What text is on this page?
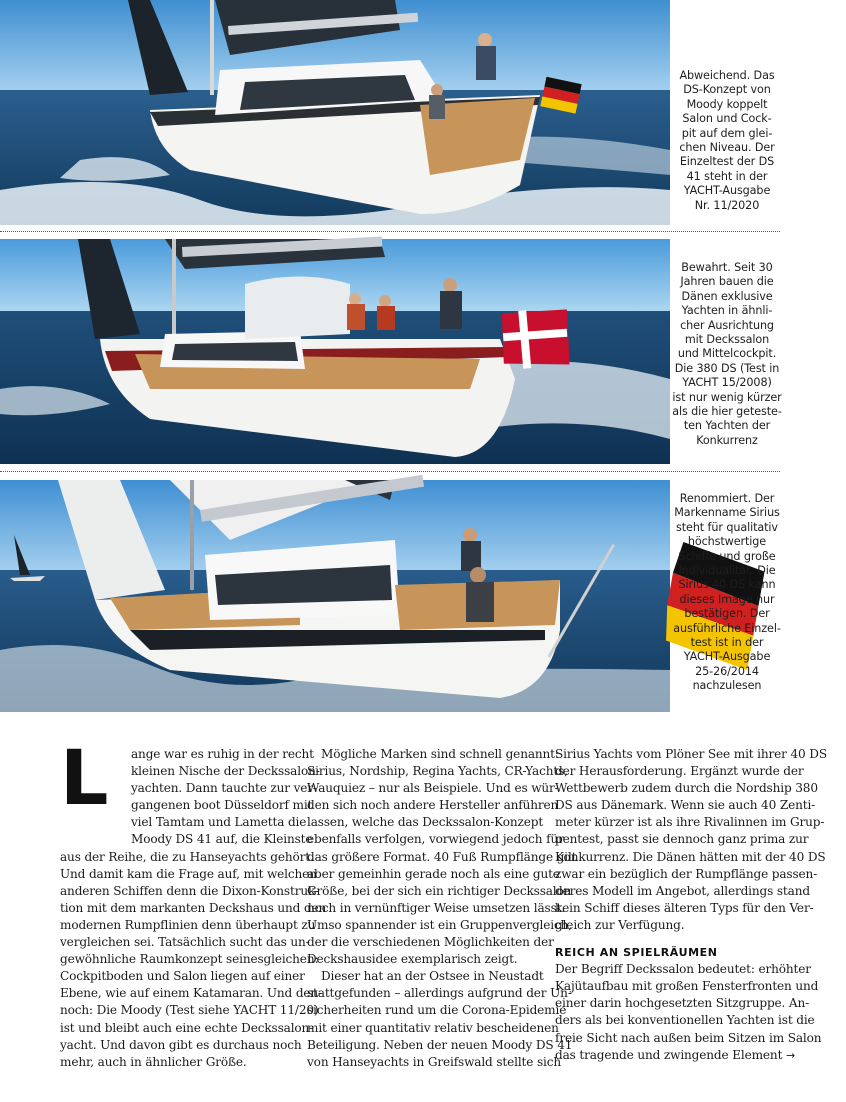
Abweichend. Das
DS-Konzept von
Moody koppelt
Salon und Cock-
pit auf dem glei-
chen Niveau. Der
Einzeltest der DS
41 steht in der
YACHT-Ausgabe
Nr. 11/2020
Bewahrt. Seit 30
Jahren bauen die
Dänen exklusive
Yachten in ähnli-
cher Ausrichtung
mit Deckssalon
und Mittelcockpit.
Die 380 DS (Test in
YACHT 15/2008)
ist nur wenig kürzer
als die hier geteste-
ten Yachten der
Konkurrenz
Renommiert. Der
Markenname Sirius
steht für qualitativ
höchstwertige
Schiffe und große
Individualität. Die
Sirius 40 DS kann
dieses Image nur
bestätigen. Der
ausführliche Einzel-
test ist in der
YACHT-Ausgabe
25-26/2014
nachzulesen
L	ange war es ruhig in der recht
kleinen Nische der Deckssalon-
yachten. Dann tauchte zur ver-
gangenen boot Düsseldorf mit
viel Tamtam und Lametta die
Moody DS 41 auf, die Kleinste
aus der Reihe, die zu Hanseyachts gehört.
Und damit kam die Frage auf, mit welchen
anderen Schiffen denn die Dixon-Konstruk-
tion mit dem markanten Deckshaus und den
modernen Rumpflinien denn überhaupt zu
vergleichen sei. Tatsächlich sucht das un-
gewöhnliche Raumkonzept seinesgleichen:
Cockpitboden und Salon liegen auf einer
Ebene, wie auf einem Katamaran. Und den-
noch: Die Moody (Test siehe YACHT 11/20)
ist und bleibt auch eine echte Deckssalon-
yacht. Und davon gibt es durchaus noch
mehr, auch in ähnlicher Größe.
Mögliche Marken sind schnell genannt:
Sirius, Nordship, Regina Yachts, CR-Yachts,
Wauquiez – nur als Beispiele. Und es wür-
den sich noch andere Hersteller anführen
lassen, welche das Deckssalon-Konzept
ebenfalls verfolgen, vorwiegend jedoch für
das größere Format. 40 Fuß Rumpflänge gilt
aber gemeinhin gerade noch als eine gute
Größe, bei der sich ein richtiger Deckssalon
noch in vernünftiger Weise umsetzen lässt.
Umso spannender ist ein Gruppenvergleich,
der die verschiedenen Möglichkeiten der
Deckshausidee exemplarisch zeigt.
Dieser hat an der Ostsee in Neustadt
stattgefunden – allerdings aufgrund der Un-
sicherheiten rund um die Corona-Epidemie
mit einer quantitativ relativ bescheidenen
Beteiligung. Neben der neuen Moody DS 41
von Hanseyachts in Greifswald stellte sich
Sirius Yachts vom Plöner See mit ihrer 40 DS
der Herausforderung. Ergänzt wurde der
Wettbewerb zudem durch die Nordship 380
DS aus Dänemark. Wenn sie auch 40 Zenti-
meter kürzer ist als ihre Rivalinnen im Grup-
pentest, passt sie dennoch ganz prima zur
Konkurrenz. Die Dänen hätten mit der 40 DS
zwar ein bezüglich der Rumpflänge passen-
deres Modell im Angebot, allerdings stand
kein Schiff dieses älteren Typs für den Ver-
gleich zur Verfügung.
REICH AN SPIELRÄUMEN
Der Begriff Deckssalon bedeutet: erhöhter
Kajütaufbau mit großen Fensterfronten und
einer darin hochgesetzten Sitzgruppe. An-
ders als bei konventionellen Yachten ist die
freie Sicht nach außen beim Sitzen im Salon
das tragende und zwingende Element →
